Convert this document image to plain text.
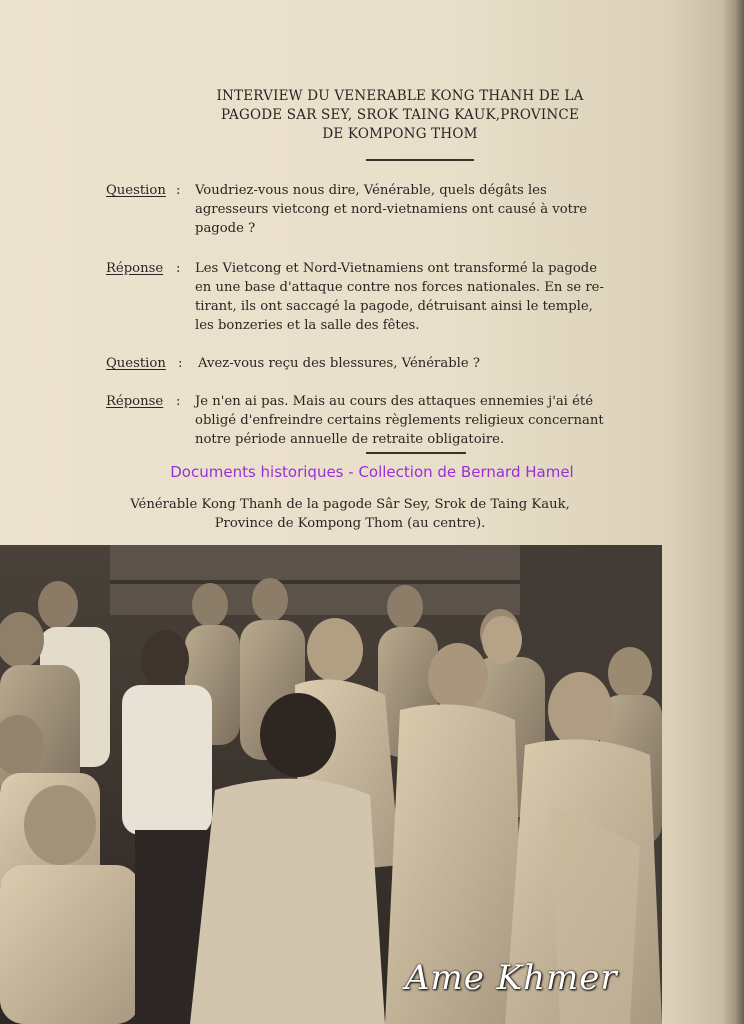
INTERVIEW DU VENERABLE KONG THANH DE LA
PAGODE SAR SEY, SROK TAING KAUK,PROVINCE
DE KOMPONG THOM
Question : Voudriez-vous nous dire, Vénérable, quels dégâts les
agresseurs vietcong et nord-vietnamiens ont causé à votre
pagode ?
Réponse : Les Vietcong et Nord-Vietnamiens ont transformé la pagode
en une base d'attaque contre nos forces nationales. En se re-
tirant, ils ont saccagé la pagode, détruisant ainsi le temple,
les bonzeries et la salle des fêtes.
Question : Avez-vous reçu des blessures, Vénérable ?
Réponse : Je n'en ai pas. Mais au cours des attaques ennemies j'ai été
obligé d'enfreindre certains règlements religieux concernant
notre période annuelle de retraite obligatoire.
Documents historiques - Collection de Bernard Hamel
Vénérable Kong Thanh de la pagode Sâr Sey, Srok de Taing Kauk,
Province de Kompong Thom (au centre).
Ame Khmer
